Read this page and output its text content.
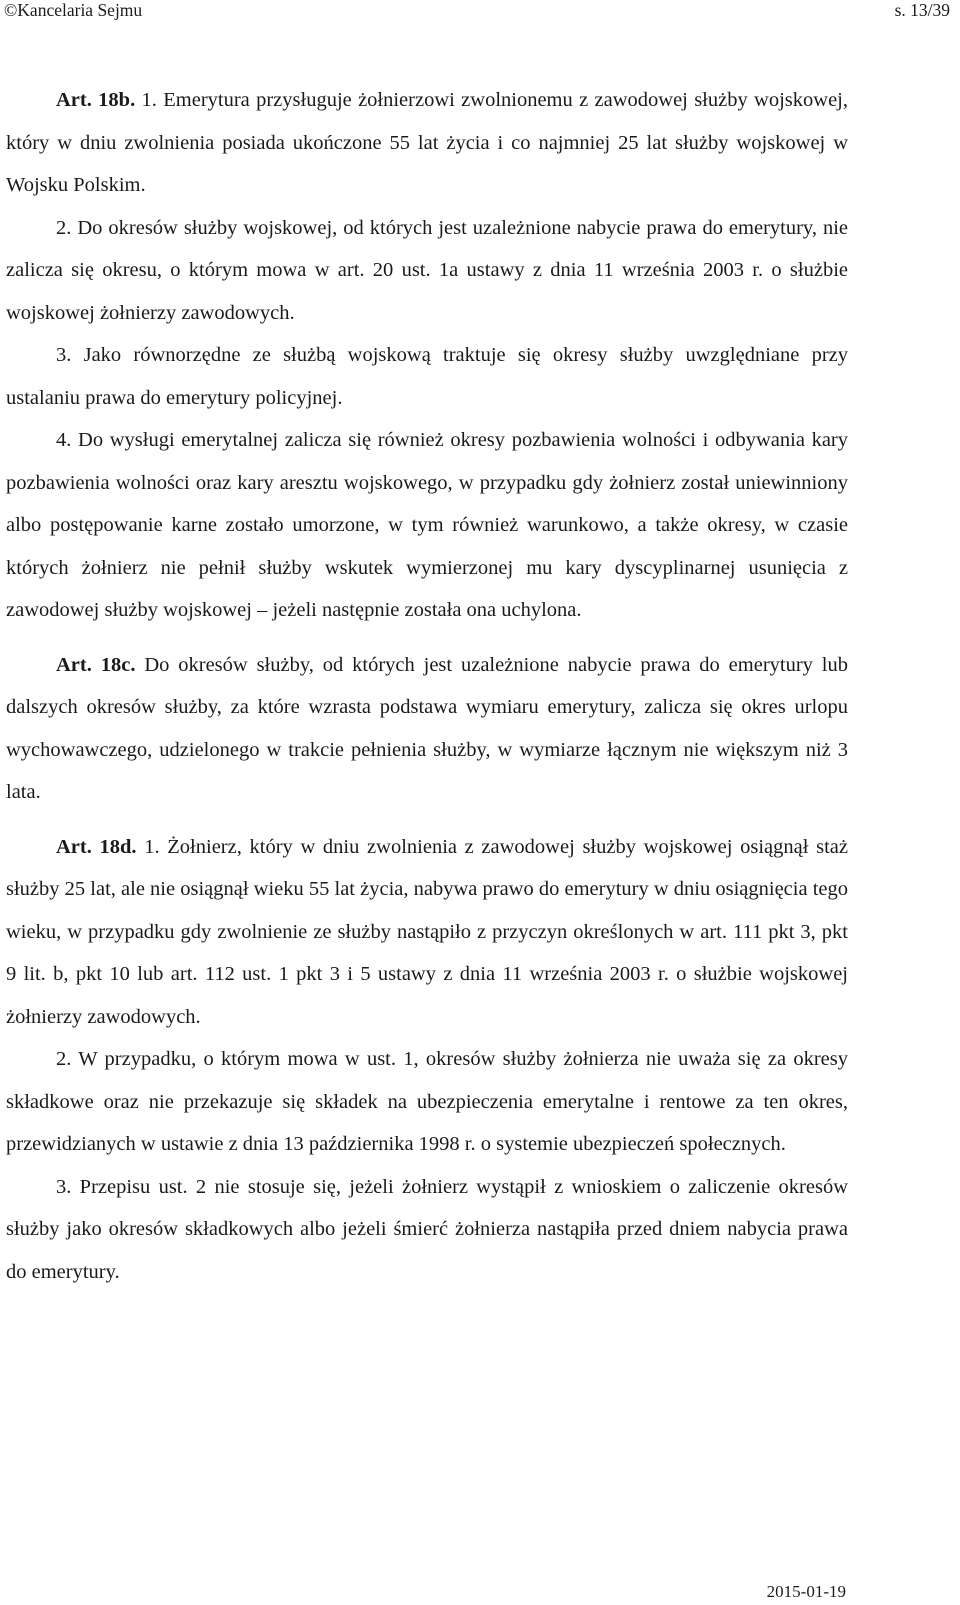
©Kancelaria Sejmu	s. 13/39

Art. 18b. 1. Emerytura przysługuje żołnierzowi zwolnionemu z zawodowej służby wojskowej, który w dniu zwolnienia posiada ukończone 55 lat życia i co najmniej 25 lat służby wojskowej w Wojsku Polskim.

2. Do okresów służby wojskowej, od których jest uzależnione nabycie prawa do emerytury, nie zalicza się okresu, o którym mowa w art. 20 ust. 1a ustawy z dnia 11 września 2003 r. o służbie wojskowej żołnierzy zawodowych.

3. Jako równorzędne ze służbą wojskową traktuje się okresy służby uwzględniane przy ustalaniu prawa do emerytury policyjnej.

4. Do wysługi emerytalnej zalicza się również okresy pozbawienia wolności i odbywania kary pozbawienia wolności oraz kary aresztu wojskowego, w przypadku gdy żołnierz został uniewinniony albo postępowanie karne zostało umorzone, w tym również warunkowo, a także okresy, w czasie których żołnierz nie pełnił służby wskutek wymierzonej mu kary dyscyplinarnej usunięcia z zawodowej służby wojskowej – jeżeli następnie została ona uchylona.

Art. 18c. Do okresów służby, od których jest uzależnione nabycie prawa do emerytury lub dalszych okresów służby, za które wzrasta podstawa wymiaru emerytury, zalicza się okres urlopu wychowawczego, udzielonego w trakcie pełnienia służby, w wymiarze łącznym nie większym niż 3 lata.

Art. 18d. 1. Żołnierz, który w dniu zwolnienia z zawodowej służby wojskowej osiągnął staż służby 25 lat, ale nie osiągnął wieku 55 lat życia, nabywa prawo do emerytury w dniu osiągnięcia tego wieku, w przypadku gdy zwolnienie ze służby nastąpiło z przyczyn określonych w art. 111 pkt 3, pkt 9 lit. b, pkt 10 lub art. 112 ust. 1 pkt 3 i 5 ustawy z dnia 11 września 2003 r. o służbie wojskowej żołnierzy zawodowych.

2. W przypadku, o którym mowa w ust. 1, okresów służby żołnierza nie uważa się za okresy składkowe oraz nie przekazuje się składek na ubezpieczenia emerytalne i rentowe za ten okres, przewidzianych w ustawie z dnia 13 października 1998 r. o systemie ubezpieczeń społecznych.

3. Przepisu ust. 2 nie stosuje się, jeżeli żołnierz wystąpił z wnioskiem o zaliczenie okresów służby jako okresów składkowych albo jeżeli śmierć żołnierza nastąpiła przed dniem nabycia prawa do emerytury.

2015-01-19
